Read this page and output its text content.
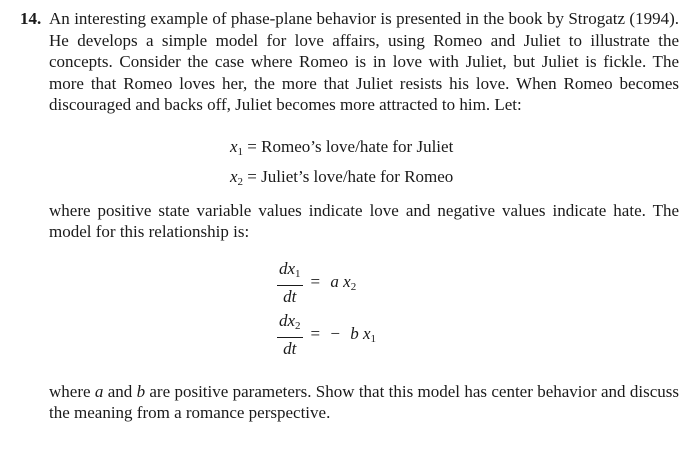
14. An interesting example of phase-plane behavior is presented in the book by Strogatz (1994). He develops a simple model for love affairs, using Romeo and Juliet to illustrate the concepts. Consider the case where Romeo is in love with Juliet, but Juliet is fickle. The more that Romeo loves her, the more that Juliet resists his love. When Romeo becomes discouraged and backs off, Juliet becomes more attracted to him. Let:

$x_1$ = Romeo’s love/hate for Juliet
$x_2$ = Juliet’s love/hate for Romeo

where positive state variable values indicate love and negative values indicate hate. The model for this relationship is:

$\frac{dx_1}{dt} = a$ $x_2$
$\frac{dx_2}{dt}$ = − b $x_1$

where a and b are positive parameters. Show that this model has center behavior and discuss the meaning from a romance perspective.
